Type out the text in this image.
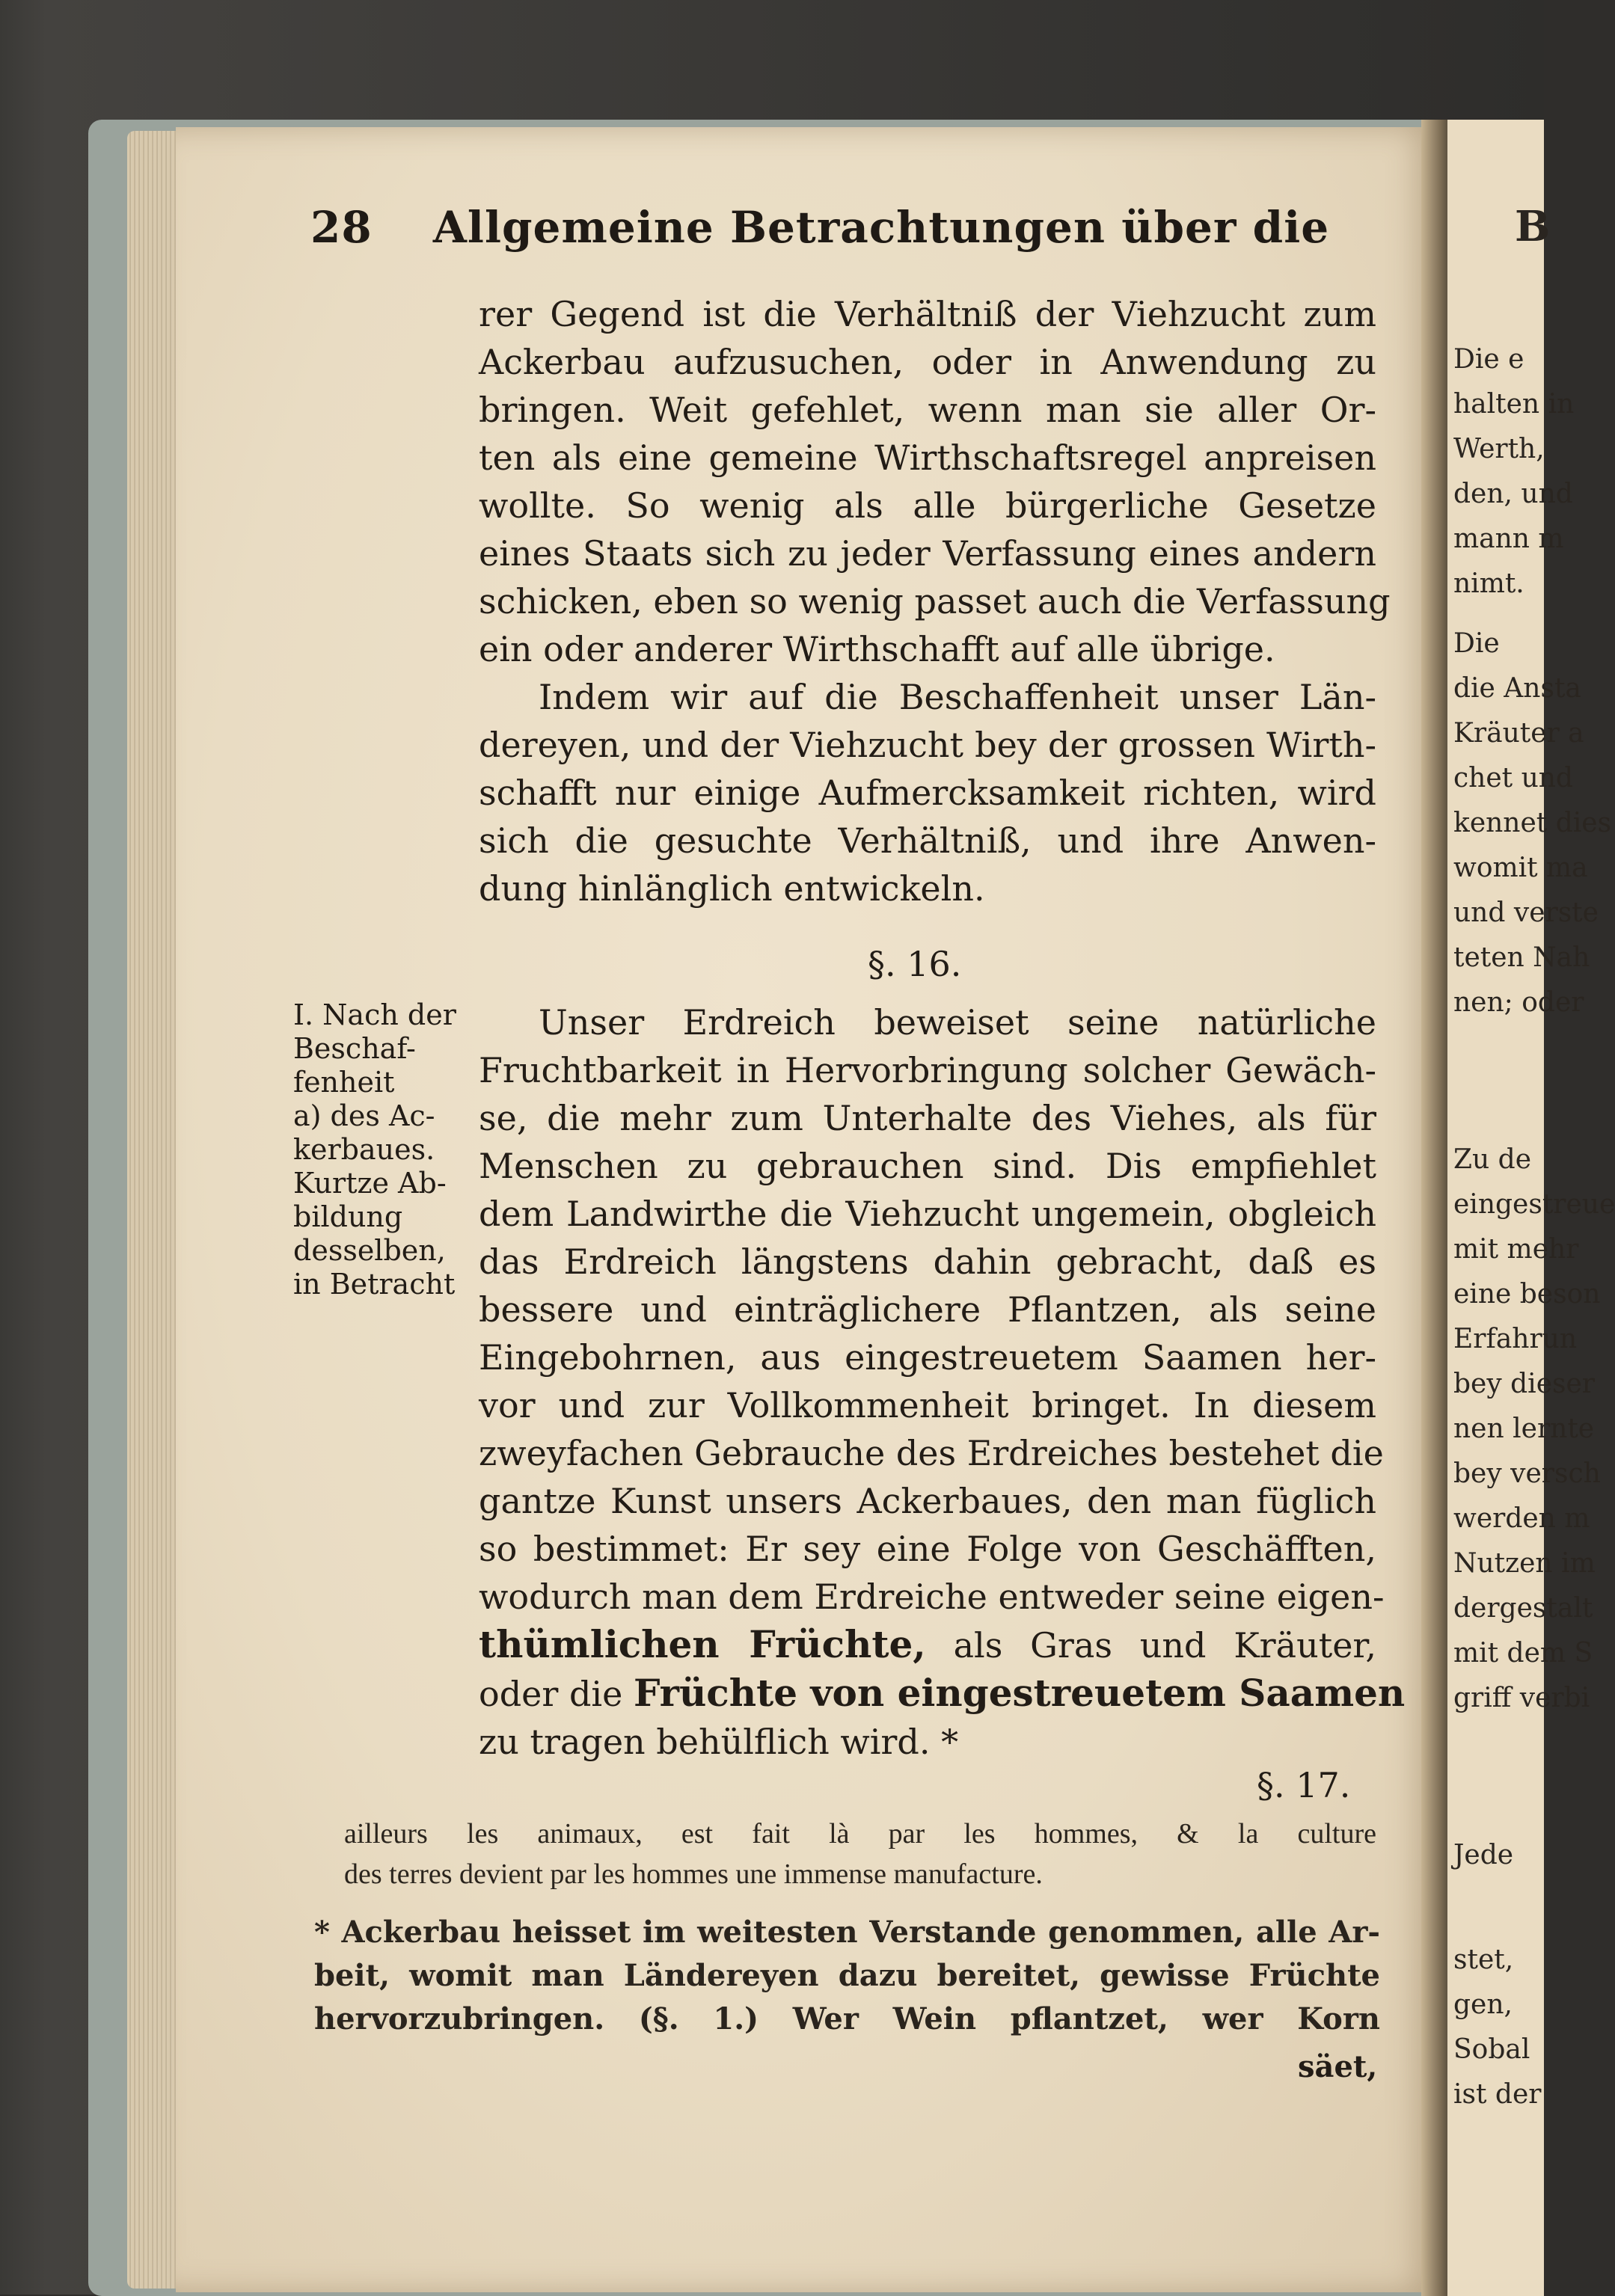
B
Die e
halten in
Werth,
den, und
mann m
nimt.
Die
die Ansta
Kräuter a
chet und
kennet dies
womit ma
und verste
teten Nah
nen; oder
Zu de
eingestreue
mit mehr
eine beson
Erfahrun
bey dieser
nen lernte
bey versch
werden m
Nutzen im
dergestalt
mit dem S
griff verbi
Jede
stet,
gen,
Sobal
ist der
28 Allgemeine Betrachtungen über die
rer Gegend ist die Verhältniß der Viehzucht zum
Ackerbau aufzusuchen, oder in Anwendung zu
bringen. Weit gefehlet, wenn man sie aller Or-
ten als eine gemeine Wirthschaftsregel anpreisen
wollte. So wenig als alle bürgerliche Gesetze
eines Staats sich zu jeder Verfassung eines andern
schicken, eben so wenig passet auch die Verfassung
ein oder anderer Wirthschafft auf alle übrige.
Indem wir auf die Beschaffenheit unser Län-
dereyen, und der Viehzucht bey der grossen Wirth-
schafft nur einige Aufmercksamkeit richten, wird
sich die gesuchte Verhältniß, und ihre Anwen-
dung hinlänglich entwickeln.
§. 16.
I. Nach der
Beschaf-
fenheit
a) des Ac-
kerbaues.
Kurtze Ab-
bildung
desselben,
in Betracht
Unser Erdreich beweiset seine natürliche
Fruchtbarkeit in Hervorbringung solcher Gewäch-
se, die mehr zum Unterhalte des Viehes, als für
Menschen zu gebrauchen sind. Dis empfiehlet
dem Landwirthe die Viehzucht ungemein, obgleich
das Erdreich längstens dahin gebracht, daß es
bessere und einträglichere Pflantzen, als seine
Eingebohrnen, aus eingestreuetem Saamen her-
vor und zur Vollkommenheit bringet. In diesem
zweyfachen Gebrauche des Erdreiches bestehet die
gantze Kunst unsers Ackerbaues, den man füglich
so bestimmet: Er sey eine Folge von Geschäfften,
wodurch man dem Erdreiche entweder seine eigen-
thümlichen Früchte, als Gras und Kräuter,
oder die Früchte von eingestreuetem Saamen
zu tragen behülflich wird. *
§. 17.
ailleurs les animaux, est fait là par les hommes, & la culture
des terres devient par les hommes une immense manufacture.
* Ackerbau heisset im weitesten Verstande genommen, alle Ar-
beit, womit man Ländereyen dazu bereitet, gewisse Früchte
hervorzubringen. (§. 1.) Wer Wein pflantzet, wer Korn
säet,
